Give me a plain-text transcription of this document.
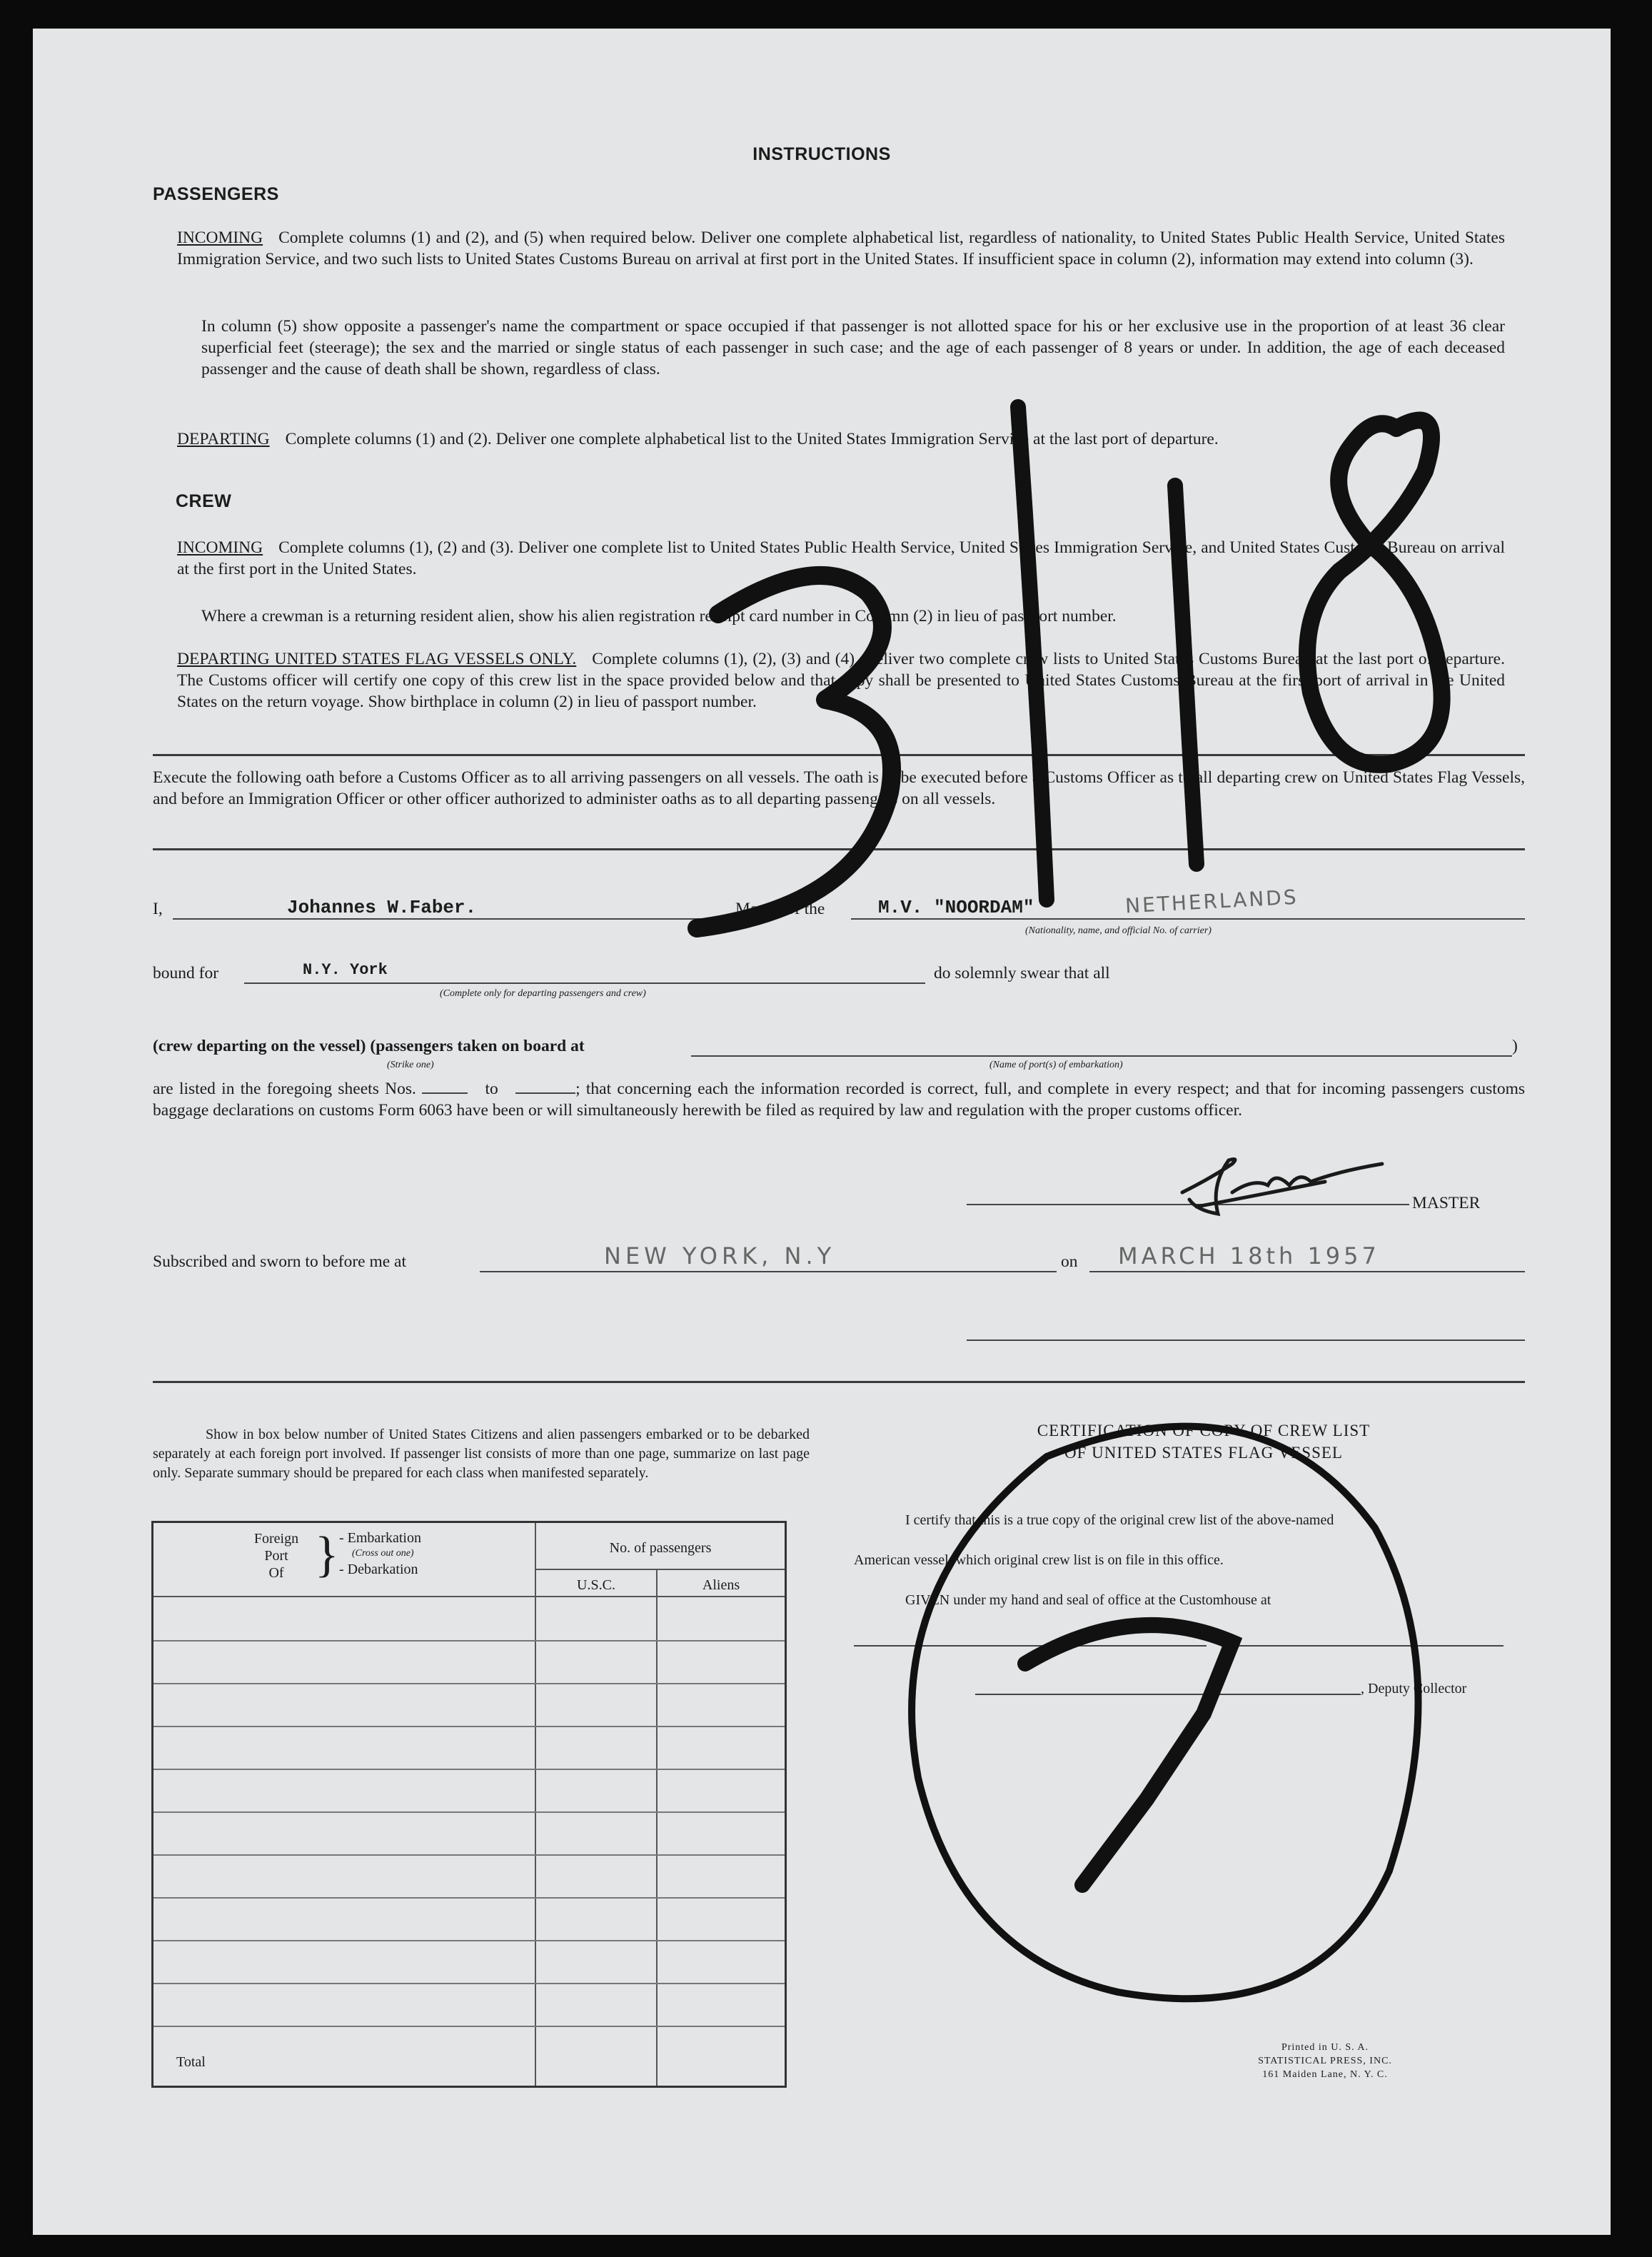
INSTRUCTIONS
PASSENGERS
INCOMING Complete columns (1) and (2), and (5) when required below. Deliver one complete alphabetical list, regardless of nationality, to United States Public Health Service, United States Immigration Service, and two such lists to United States Customs Bureau on arrival at first port in the United States. If insufficient space in column (2), information may extend into column (3).
In column (5) show opposite a passenger's name the compartment or space occupied if that passenger is not allotted space for his or her exclusive use in the proportion of at least 36 clear superficial feet (steerage); the sex and the married or single status of each passenger in such case; and the age of each passenger of 8 years or under. In addition, the age of each deceased passenger and the cause of death shall be shown, regardless of class.
DEPARTING Complete columns (1) and (2). Deliver one complete alphabetical list to the United States Immigration Service at the last port of departure.
CREW
INCOMING Complete columns (1), (2) and (3). Deliver one complete list to United States Public Health Service, United States Immigration Service, and United States Customs Bureau on arrival at the first port in the United States.
Where a crewman is a returning resident alien, show his alien registration receipt card number in Column (2) in lieu of passport number.
DEPARTING UNITED STATES FLAG VESSELS ONLY. Complete columns (1), (2), (3) and (4). Deliver two complete crew lists to United States Customs Bureau at the last port of departure. The Customs officer will certify one copy of this crew list in the space provided below and that copy shall be presented to United States Customs Bureau at the first port of arrival in the United States on the return voyage. Show birthplace in column (2) in lieu of passport number.
Execute the following oath before a Customs Officer as to all arriving passengers on all vessels. The oath is to be executed before a Customs Officer as to all departing crew on United States Flag Vessels, and before an Immigration Officer or other officer authorized to administer oaths as to all departing passengers on all vessels.
I,	Johannes W.Faber.	Master of the	M.V. "NOORDAM"	NETHERLANDS
(Nationality, name, and official No. of carrier)
bound for	N.Y. York
(Complete only for departing passengers and crew)
do solemnly swear that all
(crew departing on the vessel) (passengers taken on board at	)
(Strike one)	(Name of port(s) of embarkation)
are listed in the foregoing sheets Nos.	to	; that concerning each the information recorded is correct, full, and complete in every respect; and that for incoming passengers customs baggage declarations on customs Form 6063 have been or will simultaneously herewith be filed as required by law and regulation with the proper customs officer.
MASTER
Subscribed and sworn to before me at	NEW YORK, N.Y	on MARCH 18th 1957
Show in box below number of United States Citizens and alien passengers embarked or to be debarked separately at each foreign port involved. If passenger list consists of more than one page, summarize on last page only. Separate summary should be prepared for each class when manifested separately.
Foreign
Port
Of } - Embarkation
(Cross out one)
- Debarkation
No. of passengers
U.S.C.	Aliens
Total
CERTIFICATION OF COPY OF CREW LIST
OF UNITED STATES FLAG VESSEL
I certify that this is a true copy of the original crew list of the above-named
American vessel, which original crew list is on file in this office.
GIVEN under my hand and seal of office at the Customhouse at
on
, Deputy Collector
Printed in U. S. A.
STATISTICAL PRESS, INC.
161 Maiden Lane, N. Y. C.
